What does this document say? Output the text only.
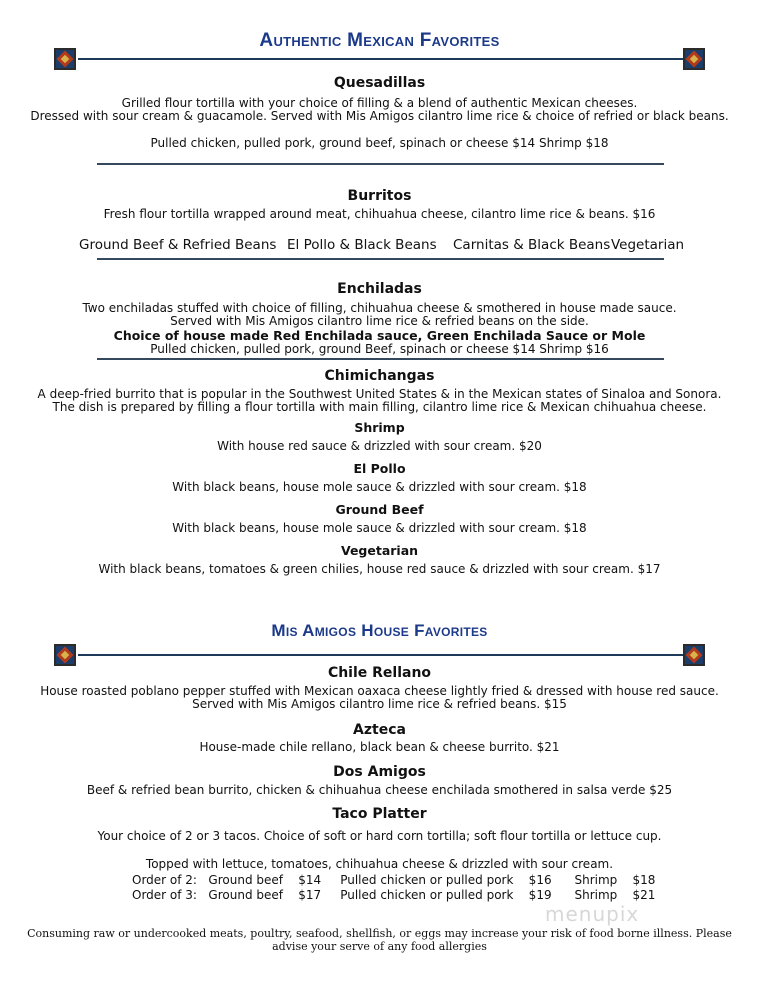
Authentic Mexican Favorites
Quesadillas
Grilled flour tortilla with your choice of filling & a blend of authentic Mexican cheeses.
Dressed with sour cream & guacamole. Served with Mis Amigos cilantro lime rice & choice of refried or black beans.
Pulled chicken, pulled pork, ground beef, spinach or cheese $14 Shrimp $18
Burritos
Fresh flour tortilla wrapped around meat, chihuahua cheese, cilantro lime rice & beans. $16
Ground Beef & Refried Beans El Pollo & Black Beans Carnitas & Black Beans Vegetarian
Enchiladas
Two enchiladas stuffed with choice of filling, chihuahua cheese & smothered in house made sauce.
Served with Mis Amigos cilantro lime rice & refried beans on the side.
Choice of house made Red Enchilada sauce, Green Enchilada Sauce or Mole
Pulled chicken, pulled pork, ground Beef, spinach or cheese $14 Shrimp $16
Chimichangas
A deep-fried burrito that is popular in the Southwest United States & in the Mexican states of Sinaloa and Sonora.
The dish is prepared by filling a flour tortilla with main filling, cilantro lime rice & Mexican chihuahua cheese.
Shrimp
With house red sauce & drizzled with sour cream. $20
El Pollo
With black beans, house mole sauce & drizzled with sour cream. $18
Ground Beef
With black beans, house mole sauce & drizzled with sour cream. $18
Vegetarian
With black beans, tomatoes & green chilies, house red sauce & drizzled with sour cream. $17
Mis Amigos House Favorites
Chile Rellano
House roasted poblano pepper stuffed with Mexican oaxaca cheese lightly fried & dressed with house red sauce.
Served with Mis Amigos cilantro lime rice & refried beans. $15
Azteca
House-made chile rellano, black bean & cheese burrito. $21
Dos Amigos
Beef & refried bean burrito, chicken & chihuahua cheese enchilada smothered in salsa verde $25
Taco Platter
Your choice of 2 or 3 tacos. Choice of soft or hard corn tortilla; soft flour tortilla or lettuce cup.
Topped with lettuce, tomatoes, chihuahua cheese & drizzled with sour cream.
menupix
Order of 2:   Ground beef    $14     Pulled chicken or pulled pork    $16      Shrimp    $18
Order of 3:   Ground beef    $17     Pulled chicken or pulled pork    $19      Shrimp    $21
Consuming raw or undercooked meats, poultry, seafood, shellfish, or eggs may increase your risk of food borne illness. Please
advise your serve of any food allergies
